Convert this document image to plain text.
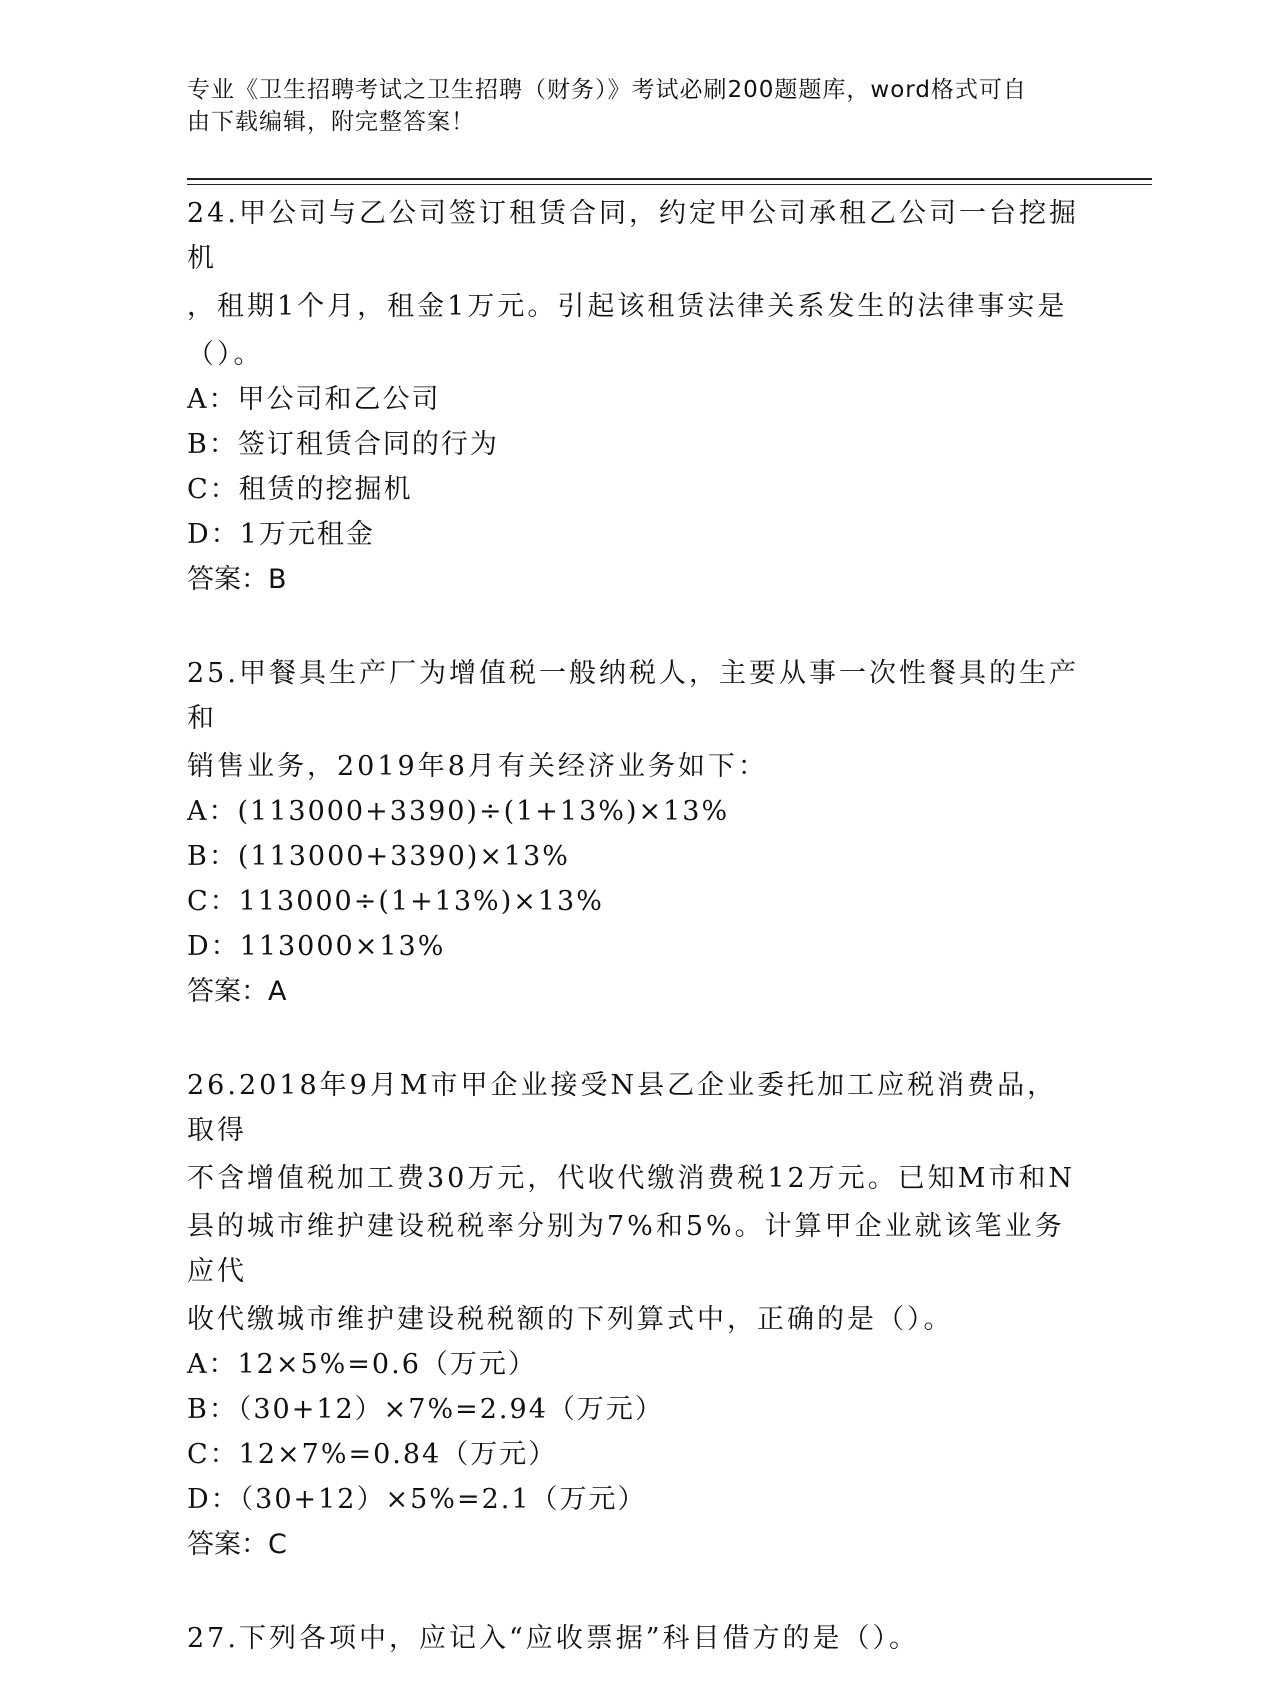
专业《卫生招聘考试之卫生招聘（财务）》考试必刷200题题库，word格式可自
由下载编辑，附完整答案！

24.甲公司与乙公司签订租赁合同，约定甲公司承租乙公司一台挖掘机

，租期1个月，租金1万元。引起该租赁法律关系发生的法律事实是

（）。

A：甲公司和乙公司

B：签订租赁合同的行为

C：租赁的挖掘机

D：1万元租金

答案：B

25.甲餐具生产厂为增值税一般纳税人，主要从事一次性餐具的生产和

销售业务，2019年8月有关经济业务如下：

A：(113000+3390)÷(1+13%)×13%

B：(113000+3390)×13%

C：113000÷(1+13%)×13%

D：113000×13%

答案：A

26.2018年9月M市甲企业接受N县乙企业委托加工应税消费品，取得

不含增值税加工费30万元，代收代缴消费税12万元。已知M市和N

县的城市维护建设税税率分别为7%和5%。计算甲企业就该笔业务应代

收代缴城市维护建设税税额的下列算式中，正确的是（）。

A：12×5%=0.6（万元）

B：（30+12）×7%=2.94（万元）

C：12×7%=0.84（万元）

D：（30+12）×5%=2.1（万元）

答案：C

27.下列各项中，应记入“应收票据”科目借方的是（）。
